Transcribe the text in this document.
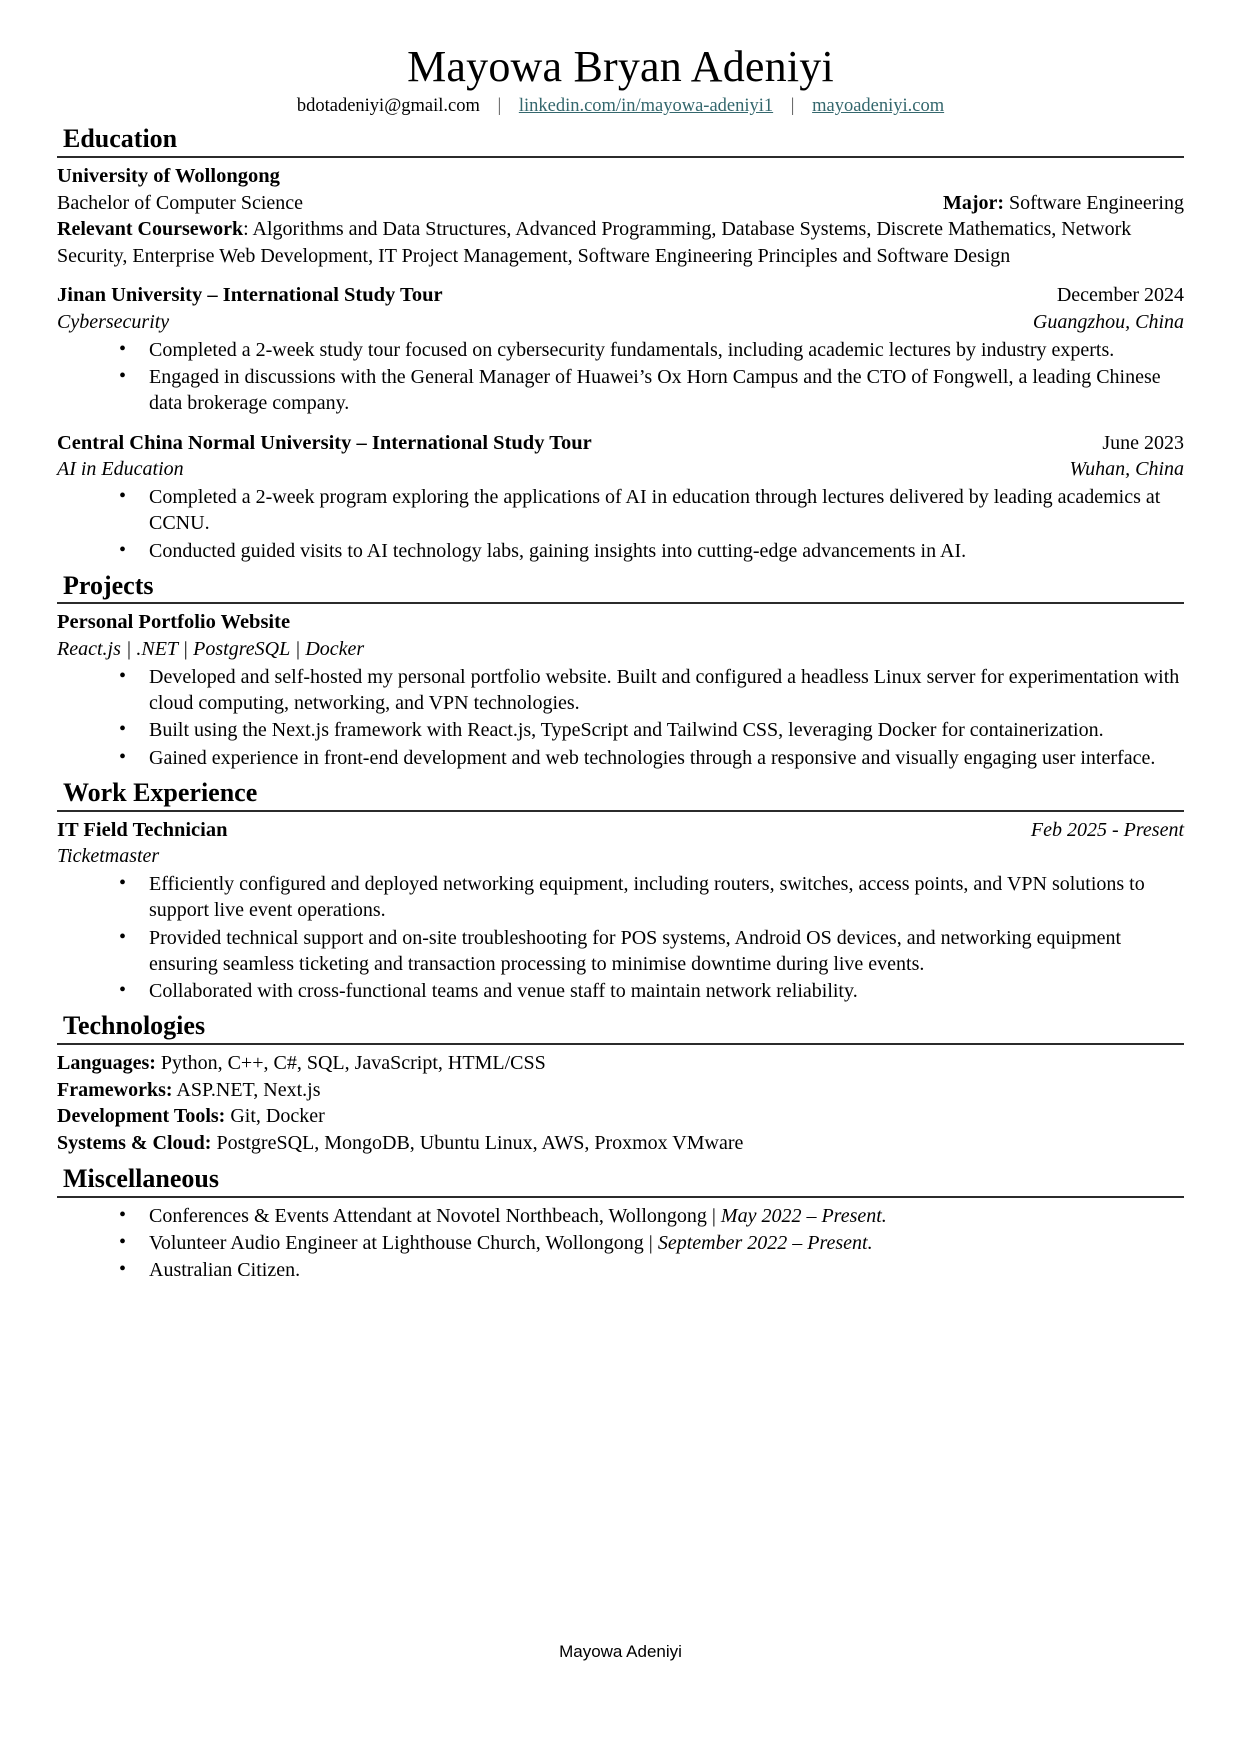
Mayowa Bryan Adeniyi
bdotadeniyi@gmail.com | linkedin.com/in/mayowa-adeniyi1 | mayoadeniyi.com
Education
University of Wollongong
Bachelor of Computer Science	Major: Software Engineering
Relevant Coursework: Algorithms and Data Structures, Advanced Programming, Database Systems, Discrete Mathematics, Network Security, Enterprise Web Development, IT Project Management, Software Engineering Principles and Software Design
Jinan University – International Study Tour	December 2024
Cybersecurity	Guangzhou, China
• Completed a 2-week study tour focused on cybersecurity fundamentals, including academic lectures by industry experts.
• Engaged in discussions with the General Manager of Huawei’s Ox Horn Campus and the CTO of Fongwell, a leading Chinese data brokerage company.
Central China Normal University – International Study Tour	June 2023
AI in Education	Wuhan, China
• Completed a 2-week program exploring the applications of AI in education through lectures delivered by leading academics at CCNU.
• Conducted guided visits to AI technology labs, gaining insights into cutting-edge advancements in AI.
Projects
Personal Portfolio Website
React.js | .NET | PostgreSQL | Docker
• Developed and self-hosted my personal portfolio website. Built and configured a headless Linux server for experimentation with cloud computing, networking, and VPN technologies.
• Built using the Next.js framework with React.js, TypeScript and Tailwind CSS, leveraging Docker for containerization.
• Gained experience in front-end development and web technologies through a responsive and visually engaging user interface.
Work Experience
IT Field Technician	Feb 2025 - Present
Ticketmaster
• Efficiently configured and deployed networking equipment, including routers, switches, access points, and VPN solutions to support live event operations.
• Provided technical support and on-site troubleshooting for POS systems, Android OS devices, and networking equipment ensuring seamless ticketing and transaction processing to minimise downtime during live events.
• Collaborated with cross-functional teams and venue staff to maintain network reliability.
Technologies
Languages: Python, C++, C#, SQL, JavaScript, HTML/CSS
Frameworks: ASP.NET, Next.js
Development Tools: Git, Docker
Systems & Cloud: PostgreSQL, MongoDB, Ubuntu Linux, AWS, Proxmox VMware
Miscellaneous
• Conferences & Events Attendant at Novotel Northbeach, Wollongong | May 2022 – Present.
• Volunteer Audio Engineer at Lighthouse Church, Wollongong | September 2022 – Present.
• Australian Citizen.
Mayowa Adeniyi
